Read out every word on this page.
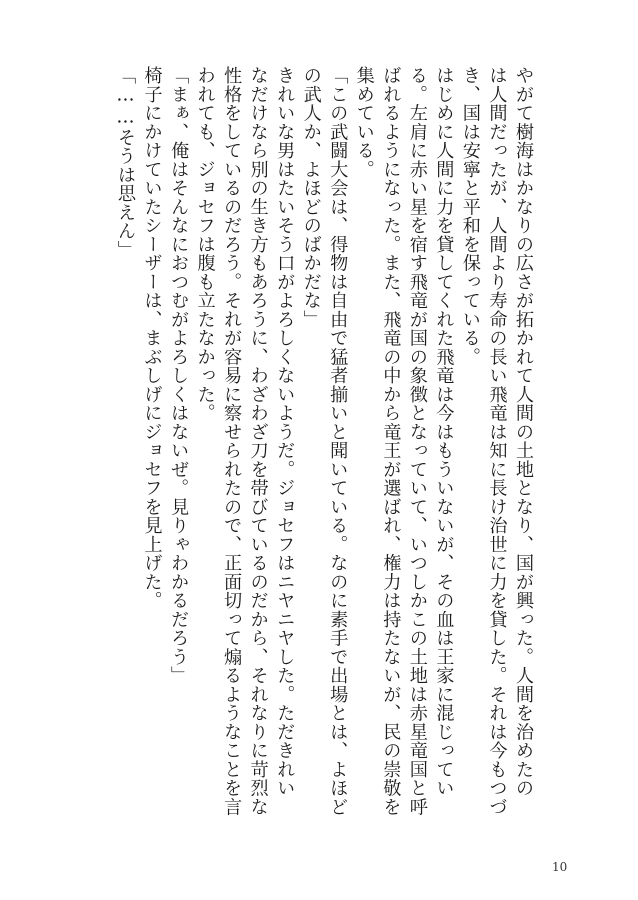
やがて樹海はかなりの広さが拓かれて人間の土地となり、国が興った。人間を治めたの

は人間だったが、人間より寿命の長い飛竜は知に長け治世に力を貸した。それは今もつづ

き、国は安寧と平和を保っている。

はじめに人間に力を貸してくれた飛竜は今はもういないが、その血は王家に混じってい

る。左肩に赤い星を宿す飛竜が国の象徴となっていて、いつしかこの土地は赤星竜国と呼

ばれるようになった。また、飛竜の中から竜王が選ばれ、権力は持たないが、民の崇敬を

集めている。

「この武闘大会は、得物は自由で猛者揃いと聞いている。なのに素手で出場とは、よほど

の武人か、よほどのばかだな」

きれいな男はたいそう口がよろしくないようだ。ジョセフはニヤニヤした。ただきれい

なだけなら別の生き方もあろうに、わざわざ刀を帯びているのだから、それなりに苛烈な

性格をしているのだろう。それが容易に察せられたので、正面切って煽るようなことを言

われても、ジョセフは腹も立たなかった。

「まぁ、俺はそんなにおつむがよろしくはないぜ。見りゃわかるだろう」

椅子にかけていたシーザーは、まぶしげにジョセフを見上げた。

「……そうは思えん」

10
